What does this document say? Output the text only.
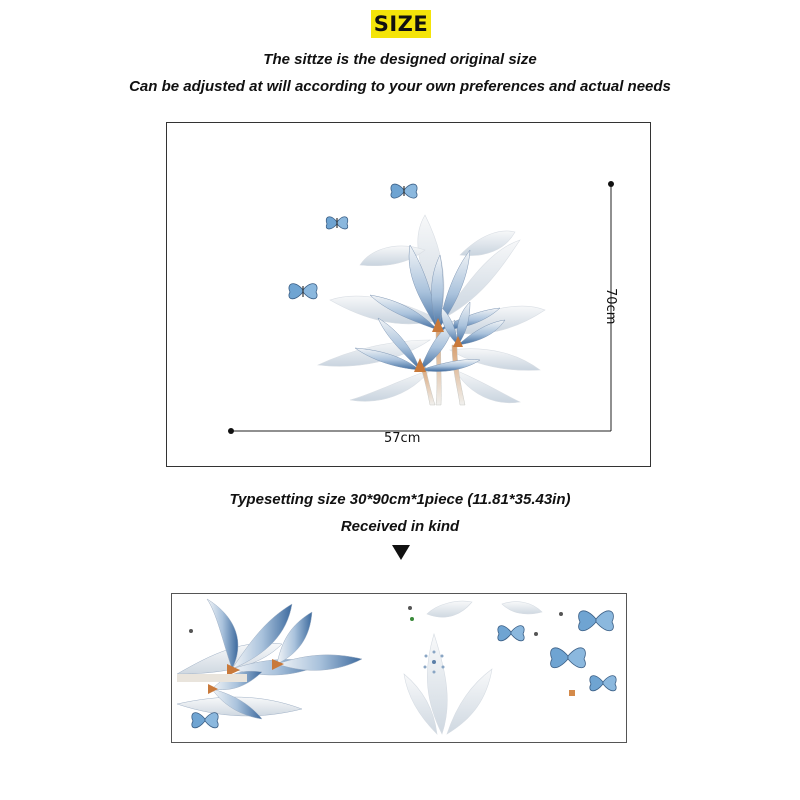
SIZE
The sittze is the designed original size
Can be adjusted at will according to your own preferences and actual needs
57cm
70cm
Typesetting size 30*90cm*1piece (11.81*35.43in)
Received in kind
